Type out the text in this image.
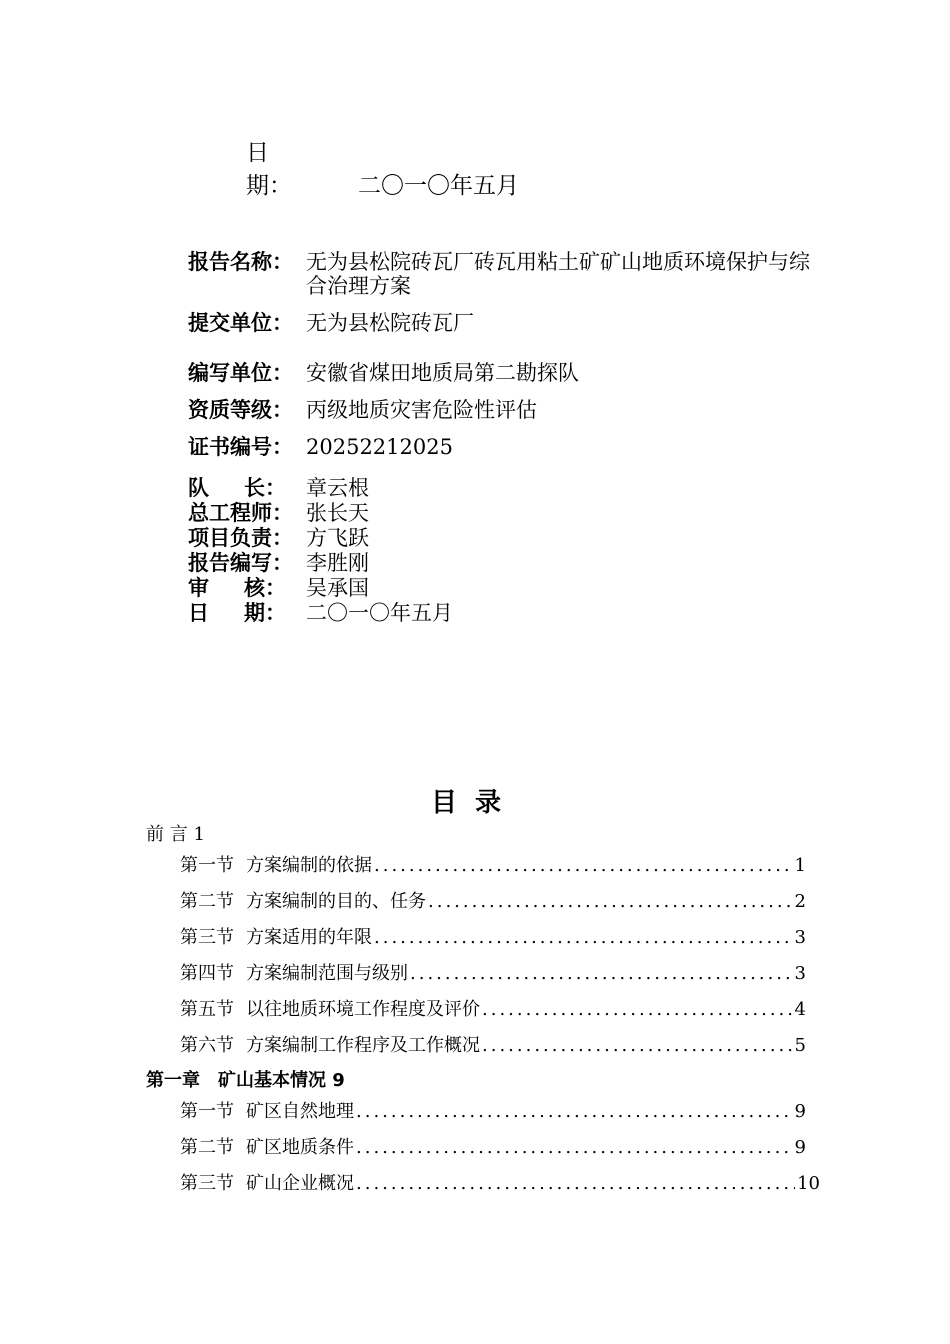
日期：	二〇一〇年五月
报告名称： 无为县松院砖瓦厂砖瓦用粘土矿矿山地质环境保护与综合治理方案
提交单位： 无为县松院砖瓦厂
编写单位： 安徽省煤田地质局第二勘探队
资质等级： 丙级地质灾害危险性评估
证书编号： 20252212025
队 长： 章云根
总工程师： 张长天
项目负责： 方飞跃
报告编写： 李胜刚
审 核： 吴承国
日 期： 二〇一〇年五月
目录
前 言 1
第一节 方案编制的依据 .....	1
第二节 方案编制的目的、任务 .....	2
第三节 方案适用的年限 .....	3
第四节 方案编制范围与级别 .....	3
第五节 以往地质环境工作程度及评价 .....	4
第六节 方案编制工作程序及工作概况 .....	5
第一章　矿山基本情况 9
第一节 矿区自然地理 .....	9
第二节 矿区地质条件 .....	9
第三节 矿山企业概况 .....	10
